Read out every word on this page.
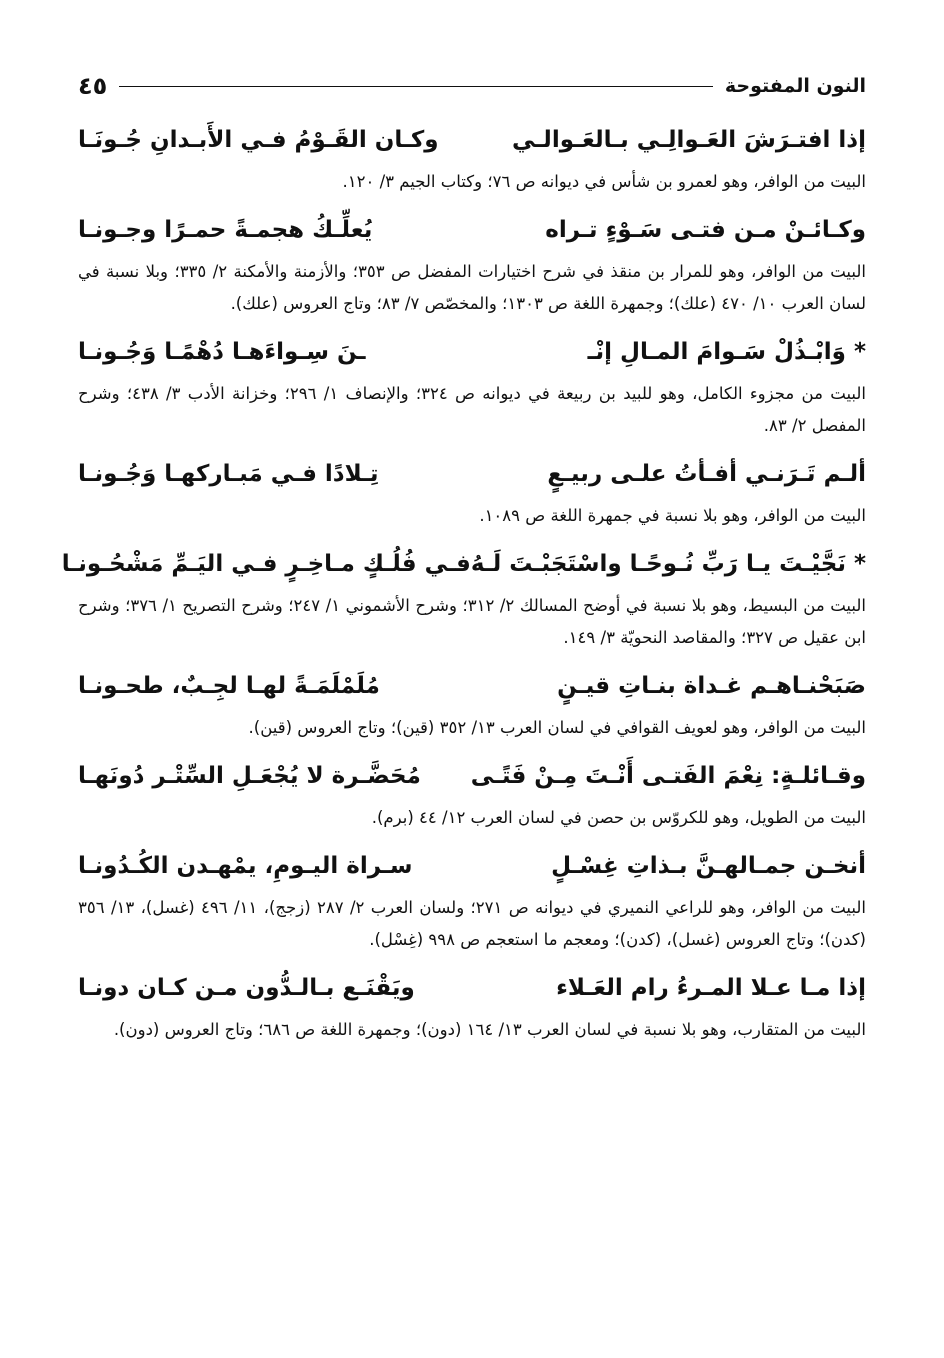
النون المفتوحة
٤٥
إذا افتـرَشَ العَـوالِـي بـالعَـوالـي
وكـان القَـوْمُ فـي الأَبـدانِ جُـونَـا

البيت من الوافر، وهو لعمرو بن شأس في ديوانه ص ٧٦؛ وكتاب الجيم ٣/ ١٢٠.

وكـائـنْ مـن فتـى سَـوْءٍ تـراه
يُعلِّـكُ هجمـةً حمـرًا وجـونـا

البيت من الوافر، وهو للمرار بن منقذ في شرح اختيارات المفضل ص ٣٥٣؛ والأزمنة والأمكنة ٢/ ٣٣٥؛ وبلا نسبة في لسان العرب ١٠/ ٤٧٠ (علك)؛ وجمهرة اللغة ص ١٣٠٣؛ والمخصّص ٧/ ٨٣؛ وتاج العروس (علك).

* وَابْـذُلْ سَـوامَ المـالِ إنْـ
ـنَ سِـواءَهـا دُهْمًـا وَجُـونـا

البيت من مجزوء الكامل، وهو للبيد بن ربيعة في ديوانه ص ٣٢٤؛ والإنصاف ١/ ٢٩٦؛ وخزانة الأدب ٣/ ٤٣٨؛ وشرح المفصل ٢/ ٨٣.

ألـم تَـرَنـي أفـأتُ علـى ربيـعٍ
تِـلادًا فـي مَبـاركهـا وَجُـونـا

البيت من الوافر، وهو بلا نسبة في جمهرة اللغة ص ١٠٨٩.

* نَجَّيْـتَ يـا رَبِّ نُـوحًـا واسْتَجَبْـتَ لَـهُ
فـي فُلُـكٍ مـاخِـرٍ فـي اليَـمِّ مَشْحُـونـا

البيت من البسيط، وهو بلا نسبة في أوضح المسالك ٢/ ٣١٢؛ وشرح الأشموني ١/ ٢٤٧؛ وشرح التصريح ١/ ٣٧٦؛ وشرح ابن عقيل ص ٣٢٧؛ والمقاصد النحويّة ٣/ ١٤٩.

صَبَحْنـاهـم غـداة بنـاتِ قيـنٍ
مُلَمْلَمَـةً لهـا لجِـبٌ، طحـونـا

البيت من الوافر، وهو لعويف القوافي في لسان العرب ١٣/ ٣٥٢ (قين)؛ وتاج العروس (قين).

وقـائلـةٍ: نِعْمَ الفَتـى أَنْـتَ مِـنْ فَتًـى
مُحَضَّـرة لا يُجْعَـلِ السِّتْـر دُونَهـا

البيت من الطويل، وهو للكروّس بن حصن في لسان العرب ١٢/ ٤٤ (برم).

أنخـن جمـالهـنَّ بـذاتِ غِسْـلٍ
سـراة اليـومِ، يمْهـدن الكُـدُونـا

البيت من الوافر، وهو للراعي النميري في ديوانه ص ٢٧١؛ ولسان العرب ٢/ ٢٨٧ (زجج)، ١١/ ٤٩٦ (غسل)، ١٣/ ٣٥٦ (كدن)؛ وتاج العروس (غسل)، (كدن)؛ ومعجم ما استعجم ص ٩٩٨ (غِسْل).

إذا مـا عـلا المـرءُ رام العَـلاء
ويَقْنَـع بـالـدُّون مـن كـان دونـا

البيت من المتقارب، وهو بلا نسبة في لسان العرب ١٣/ ١٦٤ (دون)؛ وجمهرة اللغة ص ٦٨٦؛ وتاج العروس (دون).
